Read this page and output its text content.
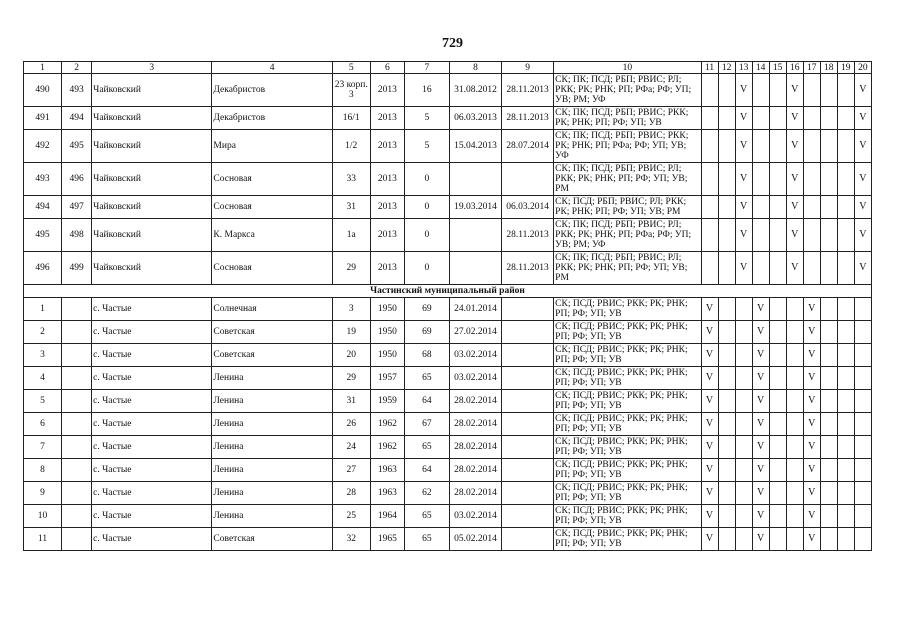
729
1	2	3	4	5	6	7	8	9	10	11	12	13	14	15	16	17	18	19	20
490	493	Чайковский	Декабристов	23 корп. 3	2013	16	31.08.2012	28.11.2013	СК; ПК; ПСД; РБП; РВИС; РЛ; РКК; РК; РНК; РП; РФа; РФ; УП; УВ; РМ; УФ			V			V				V
491	494	Чайковский	Декабристов	16/1	2013	5	06.03.2013	28.11.2013	СК; ПК; ПСД; РБП; РВИС; РКК; РК; РНК; РП; РФ; УП; УВ			V			V				V
492	495	Чайковский	Мира	1/2	2013	5	15.04.2013	28.07.2014	СК; ПК; ПСД; РБП; РВИС; РКК; РК; РНК; РП; РФа; РФ; УП; УВ; УФ			V			V				V
493	496	Чайковский	Сосновая	33	2013	0			СК; ПК; ПСД; РБП; РВИС; РЛ; РКК; РК; РНК; РП; РФ; УП; УВ; РМ			V			V				V
494	497	Чайковский	Сосновая	31	2013	0	19.03.2014	06.03.2014	СК; ПСД; РБП; РВИС; РЛ; РКК; РК; РНК; РП; РФ; УП; УВ; РМ			V			V				V
495	498	Чайковский	К. Маркса	1а	2013	0		28.11.2013	СК; ПК; ПСД; РБП; РВИС; РЛ; РКК; РК; РНК; РП; РФа; РФ; УП; УВ; РМ; УФ			V			V				V
496	499	Чайковский	Сосновая	29	2013	0		28.11.2013	СК; ПК; ПСД; РБП; РВИС; РЛ; РКК; РК; РНК; РП; РФ; УП; УВ; РМ			V			V				V
Частинский муниципальный район																			
1		с. Частые	Солнечная	3	1950	69	24.01.2014		СК; ПСД; РВИС; РКК; РК; РНК; РП; РФ; УП; УВ	V			V			V			
2		с. Частые	Советская	19	1950	69	27.02.2014		СК; ПСД; РВИС; РКК; РК; РНК; РП; РФ; УП; УВ	V			V			V			
3		с. Частые	Советская	20	1950	68	03.02.2014		СК; ПСД; РВИС; РКК; РК; РНК; РП; РФ; УП; УВ	V			V			V			
4		с. Частые	Ленина	29	1957	65	03.02.2014		СК; ПСД; РВИС; РКК; РК; РНК; РП; РФ; УП; УВ	V			V			V			
5		с. Частые	Ленина	31	1959	64	28.02.2014		СК; ПСД; РВИС; РКК; РК; РНК; РП; РФ; УП; УВ	V			V			V			
6		с. Частые	Ленина	26	1962	67	28.02.2014		СК; ПСД; РВИС; РКК; РК; РНК; РП; РФ; УП; УВ	V			V			V			
7		с. Частые	Ленина	24	1962	65	28.02.2014		СК; ПСД; РВИС; РКК; РК; РНК; РП; РФ; УП; УВ	V			V			V			
8		с. Частые	Ленина	27	1963	64	28.02.2014		СК; ПСД; РВИС; РКК; РК; РНК; РП; РФ; УП; УВ	V			V			V			
9		с. Частые	Ленина	28	1963	62	28.02.2014		СК; ПСД; РВИС; РКК; РК; РНК; РП; РФ; УП; УВ	V			V			V			
10		с. Частые	Ленина	25	1964	65	03.02.2014		СК; ПСД; РВИС; РКК; РК; РНК; РП; РФ; УП; УВ	V			V			V			
11		с. Частые	Советская	32	1965	65	05.02.2014		СК; ПСД; РВИС; РКК; РК; РНК; РП; РФ; УП; УВ	V			V			V			
